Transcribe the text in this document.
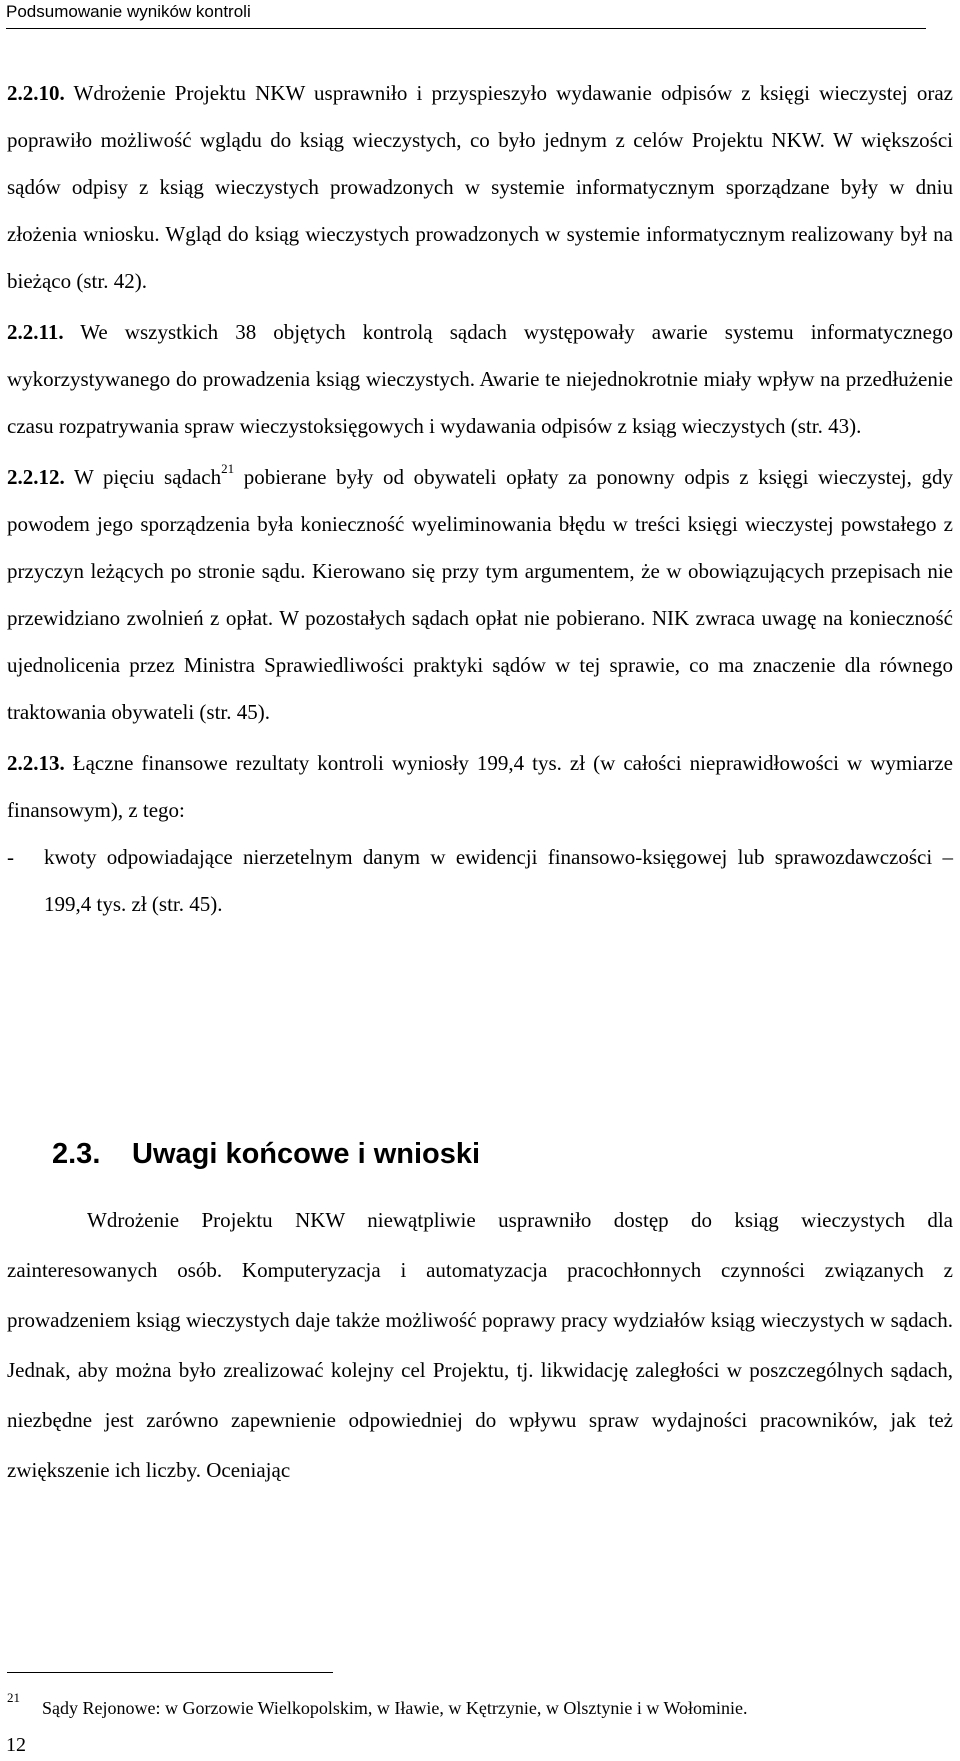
Podsumowanie wyników kontroli

2.2.10. Wdrożenie Projektu NKW usprawniło i przyspieszyło wydawanie odpisów z księgi wieczystej oraz poprawiło możliwość wglądu do ksiąg wieczystych, co było jednym z celów Projektu NKW. W większości sądów odpisy z ksiąg wieczystych prowadzonych w systemie informatycznym sporządzane były w dniu złożenia wniosku. Wgląd do ksiąg wieczystych prowadzonych w systemie informatycznym realizowany był na bieżąco (str. 42).

2.2.11. We wszystkich 38 objętych kontrolą sądach występowały awarie systemu informatycznego wykorzystywanego do prowadzenia ksiąg wieczystych. Awarie te niejednokrotnie miały wpływ na przedłużenie czasu rozpatrywania spraw wieczystoksięgowych i wydawania odpisów z ksiąg wieczystych (str. 43).

2.2.12. W pięciu sądach$^{21}$ pobierane były od obywateli opłaty za ponowny odpis z księgi wieczystej, gdy powodem jego sporządzenia była konieczność wyeliminowania błędu w treści księgi wieczystej powstałego z przyczyn leżących po stronie sądu. Kierowano się przy tym argumentem, że w obowiązujących przepisach nie przewidziano zwolnień z opłat. W pozostałych sądach opłat nie pobierano. NIK zwraca uwagę na konieczność ujednolicenia przez Ministra Sprawiedliwości praktyki sądów w tej sprawie, co ma znaczenie dla równego traktowania obywateli (str. 45).

2.2.13. Łączne finansowe rezultaty kontroli wyniosły 199,4 tys. zł (w całości nieprawidłowości w wymiarze finansowym), z tego:

-	kwoty odpowiadające nierzetelnym danym w ewidencji finansowo-księgowej lub sprawozdawczości – 199,4 tys. zł (str. 45).
2.3. Uwagi końcowe i wnioski
Wdrożenie Projektu NKW niewątpliwie usprawniło dostęp do ksiąg wieczystych dla zainteresowanych osób. Komputeryzacja i automatyzacja pracochłonnych czynności związanych z prowadzeniem ksiąg wieczystych daje także możliwość poprawy pracy wydziałów ksiąg wieczystych w sądach. Jednak, aby można było zrealizować kolejny cel Projektu, tj. likwidację zaległości w poszczególnych sądach, niezbędne jest zarówno zapewnienie odpowiedniej do wpływu spraw wydajności pracowników, jak też zwiększenie ich liczby. Oceniając
$^{21}$Sądy Rejonowe: w Gorzowie Wielkopolskim, w Iławie, w Kętrzynie, w Olsztynie i w Wołominie.
12
